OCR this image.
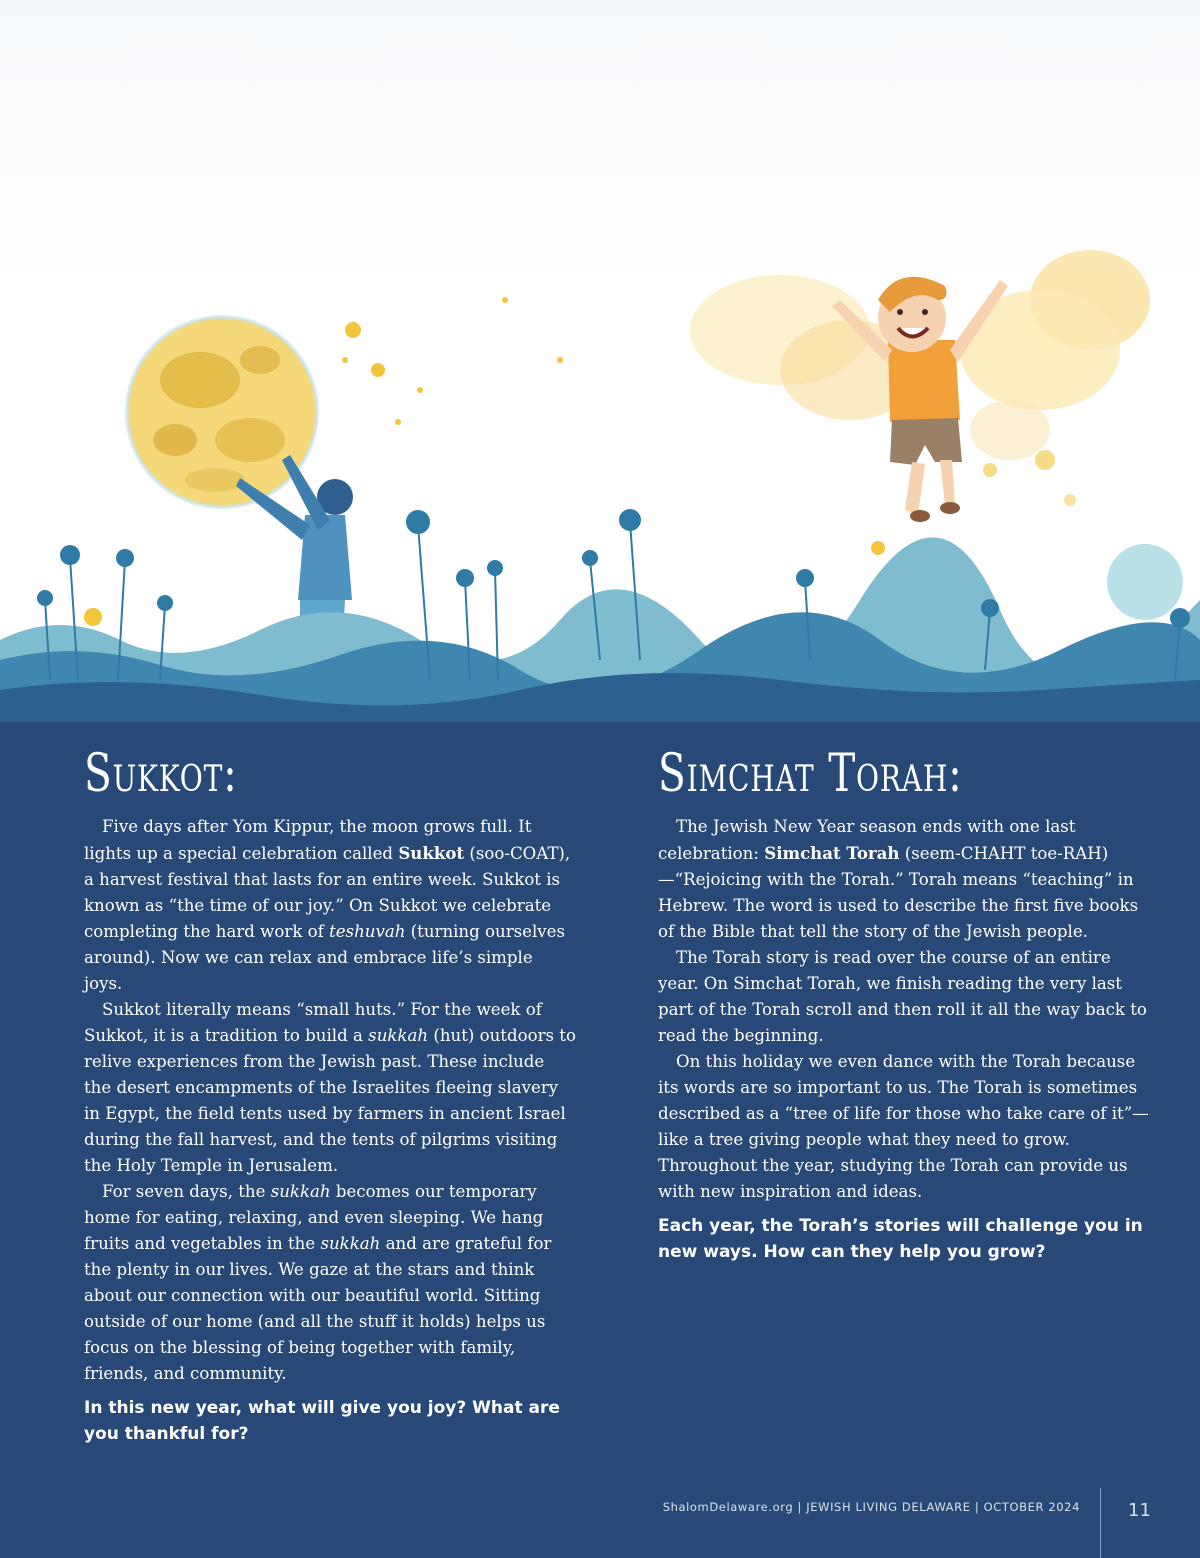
Sukkot:

Five days after Yom Kippur, the moon grows full. It lights up a special celebration called Sukkot (soo-COAT), a harvest festival that lasts for an entire week. Sukkot is known as “the time of our joy.” On Sukkot we celebrate completing the hard work of teshuvah (turning ourselves around). Now we can relax and embrace life’s simple joys.

Sukkot literally means “small huts.” For the week of Sukkot, it is a tradition to build a sukkah (hut) outdoors to relive experiences from the Jewish past. These include the desert encampments of the Israelites fleeing slavery in Egypt, the field tents used by farmers in ancient Israel during the fall harvest, and the tents of pilgrims visiting the Holy Temple in Jerusalem.

For seven days, the sukkah becomes our temporary home for eating, relaxing, and even sleeping. We hang fruits and vegetables in the sukkah and are grateful for the plenty in our lives. We gaze at the stars and think about our connection with our beautiful world. Sitting outside of our home (and all the stuff it holds) helps us focus on the blessing of being together with family, friends, and community.

In this new year, what will give you joy? What are you thankful for?
Simchat Torah:

The Jewish New Year season ends with one last celebration: Simchat Torah (seem-CHAHT toe-RAH)—“Rejoicing with the Torah.” Torah means “teaching” in Hebrew. The word is used to describe the first five books of the Bible that tell the story of the Jewish people.

The Torah story is read over the course of an entire year. On Simchat Torah, we finish reading the very last part of the Torah scroll and then roll it all the way back to read the beginning.

On this holiday we even dance with the Torah because its words are so important to us. The Torah is sometimes described as a “tree of life for those who take care of it”—like a tree giving people what they need to grow. Throughout the year, studying the Torah can provide us with new inspiration and ideas.

Each year, the Torah’s stories will challenge you in new ways. How can they help you grow?
ShalomDelaware.org | JEWISH LIVING DELAWARE | OCTOBER 2024	11
